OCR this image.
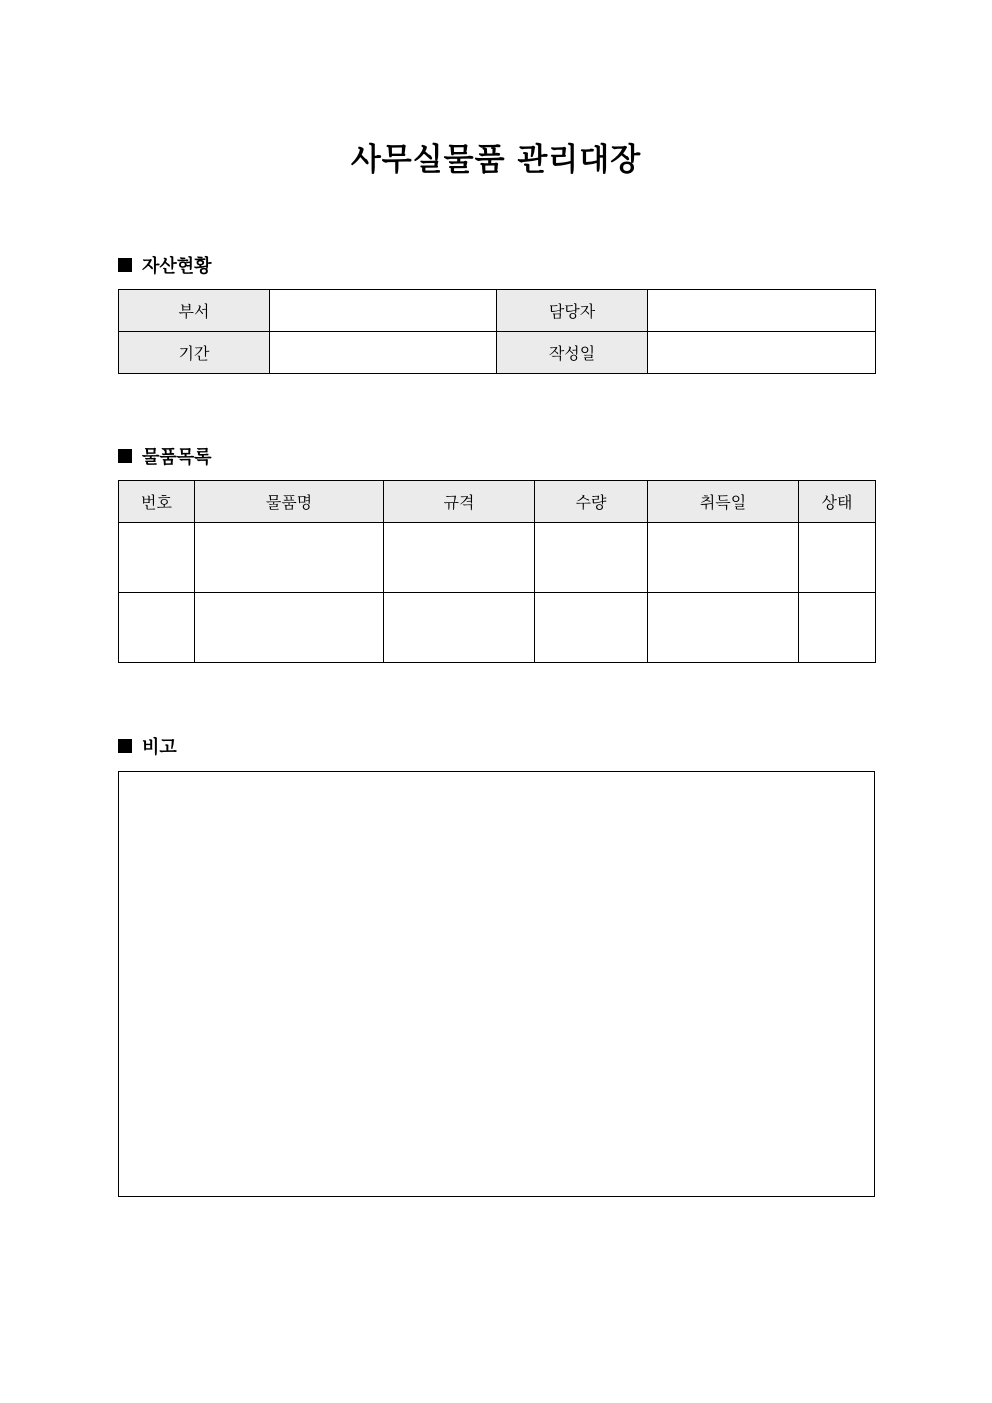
사무실물품 관리대장
자산현황
부서		담당자	
기간		작성일	
물품목록
번호	물품명	규격	수량	취득일	상태

비고
